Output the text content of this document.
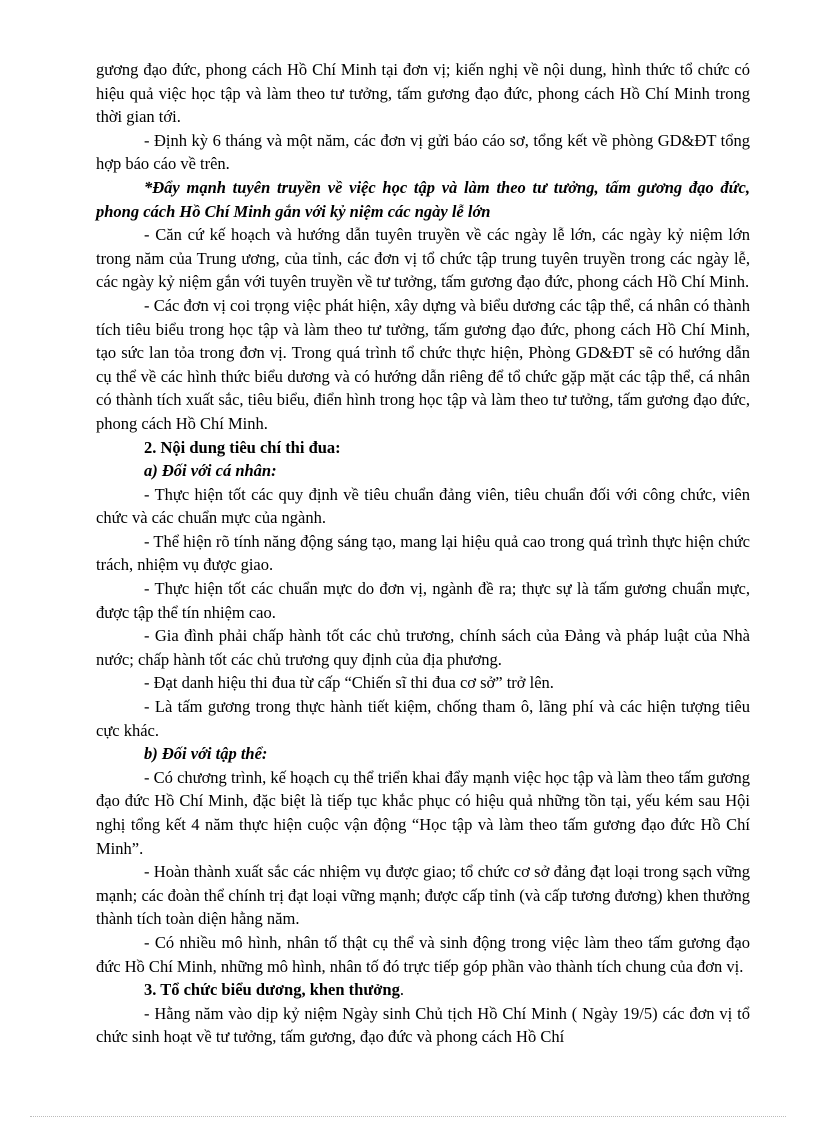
gương đạo đức, phong cách Hồ Chí Minh tại đơn vị; kiến nghị về nội dung, hình thức tổ chức có hiệu quả việc học tập và làm theo tư tưởng, tấm gương đạo đức, phong cách Hồ Chí Minh trong thời gian tới.

- Định kỳ 6 tháng và một năm, các đơn vị gửi báo cáo sơ, tổng kết về phòng GD&ĐT tổng hợp báo cáo về trên.

*Đẩy mạnh tuyên truyền về việc học tập và làm theo tư tưởng, tấm gương đạo đức, phong cách Hồ Chí Minh gắn với kỷ niệm các ngày lễ lớn

- Căn cứ kế hoạch và hướng dẫn tuyên truyền về các ngày lễ lớn, các ngày kỷ niệm lớn trong năm của Trung ương, của tỉnh, các đơn vị tổ chức tập trung tuyên truyền trong các ngày lễ, các ngày kỷ niệm gắn với tuyên truyền về tư tưởng, tấm gương đạo đức, phong cách Hồ Chí Minh.

- Các đơn vị coi trọng việc phát hiện, xây dựng và biểu dương các tập thể, cá nhân có thành tích tiêu biểu trong học tập và làm theo tư tưởng, tấm gương đạo đức, phong cách Hồ Chí Minh, tạo sức lan tỏa trong đơn vị. Trong quá trình tổ chức thực hiện, Phòng GD&ĐT sẽ có hướng dẫn cụ thể về các hình thức biểu dương và có hướng dẫn riêng để tổ chức gặp mặt các tập thể, cá nhân có thành tích xuất sắc, tiêu biểu, điển hình trong học tập và làm theo tư tưởng, tấm gương đạo đức, phong cách Hồ Chí Minh.

2. Nội dung tiêu chí thi đua:

a) Đối với cá nhân:

- Thực hiện tốt các quy định về tiêu chuẩn đảng viên, tiêu chuẩn đối với công chức, viên chức và các chuẩn mực của ngành.

- Thể hiện rõ tính năng động sáng tạo, mang lại hiệu quả cao trong quá trình thực hiện chức trách, nhiệm vụ được giao.

- Thực hiện tốt các chuẩn mực do đơn vị, ngành đề ra; thực sự là tấm gương chuẩn mực, được tập thể tín nhiệm cao.

- Gia đình phải chấp hành tốt các chủ trương, chính sách của Đảng và pháp luật của Nhà nước; chấp hành tốt các chủ trương quy định của địa phương.

- Đạt danh hiệu thi đua từ cấp “Chiến sĩ thi đua cơ sở” trở lên.

- Là tấm gương trong thực hành tiết kiệm, chống tham ô, lãng phí và các hiện tượng tiêu cực khác.

b) Đối với tập thể:

- Có chương trình, kế hoạch cụ thể triển khai đẩy mạnh việc học tập và làm theo tấm gương đạo đức Hồ Chí Minh, đặc biệt là tiếp tục khắc phục có hiệu quả những tồn tại, yếu kém sau Hội nghị tổng kết 4 năm thực hiện cuộc vận động “Học tập và làm theo tấm gương đạo đức Hồ Chí Minh”.

- Hoàn thành xuất sắc các nhiệm vụ được giao; tổ chức cơ sở đảng đạt loại trong sạch vững mạnh; các đoàn thể chính trị đạt loại vững mạnh; được cấp tỉnh (và cấp tương đương) khen thưởng thành tích toàn diện hằng năm.

- Có nhiều mô hình, nhân tố thật cụ thể và sinh động trong việc làm theo tấm gương đạo đức Hồ Chí Minh, những mô hình, nhân tố đó trực tiếp góp phần vào thành tích chung của đơn vị.

3. Tổ chức biểu dương, khen thưởng.

- Hằng năm vào dịp kỷ niệm Ngày sinh Chủ tịch Hồ Chí Minh ( Ngày 19/5) các đơn vị tổ chức sinh hoạt về tư tưởng, tấm gương, đạo đức và phong cách Hồ Chí
